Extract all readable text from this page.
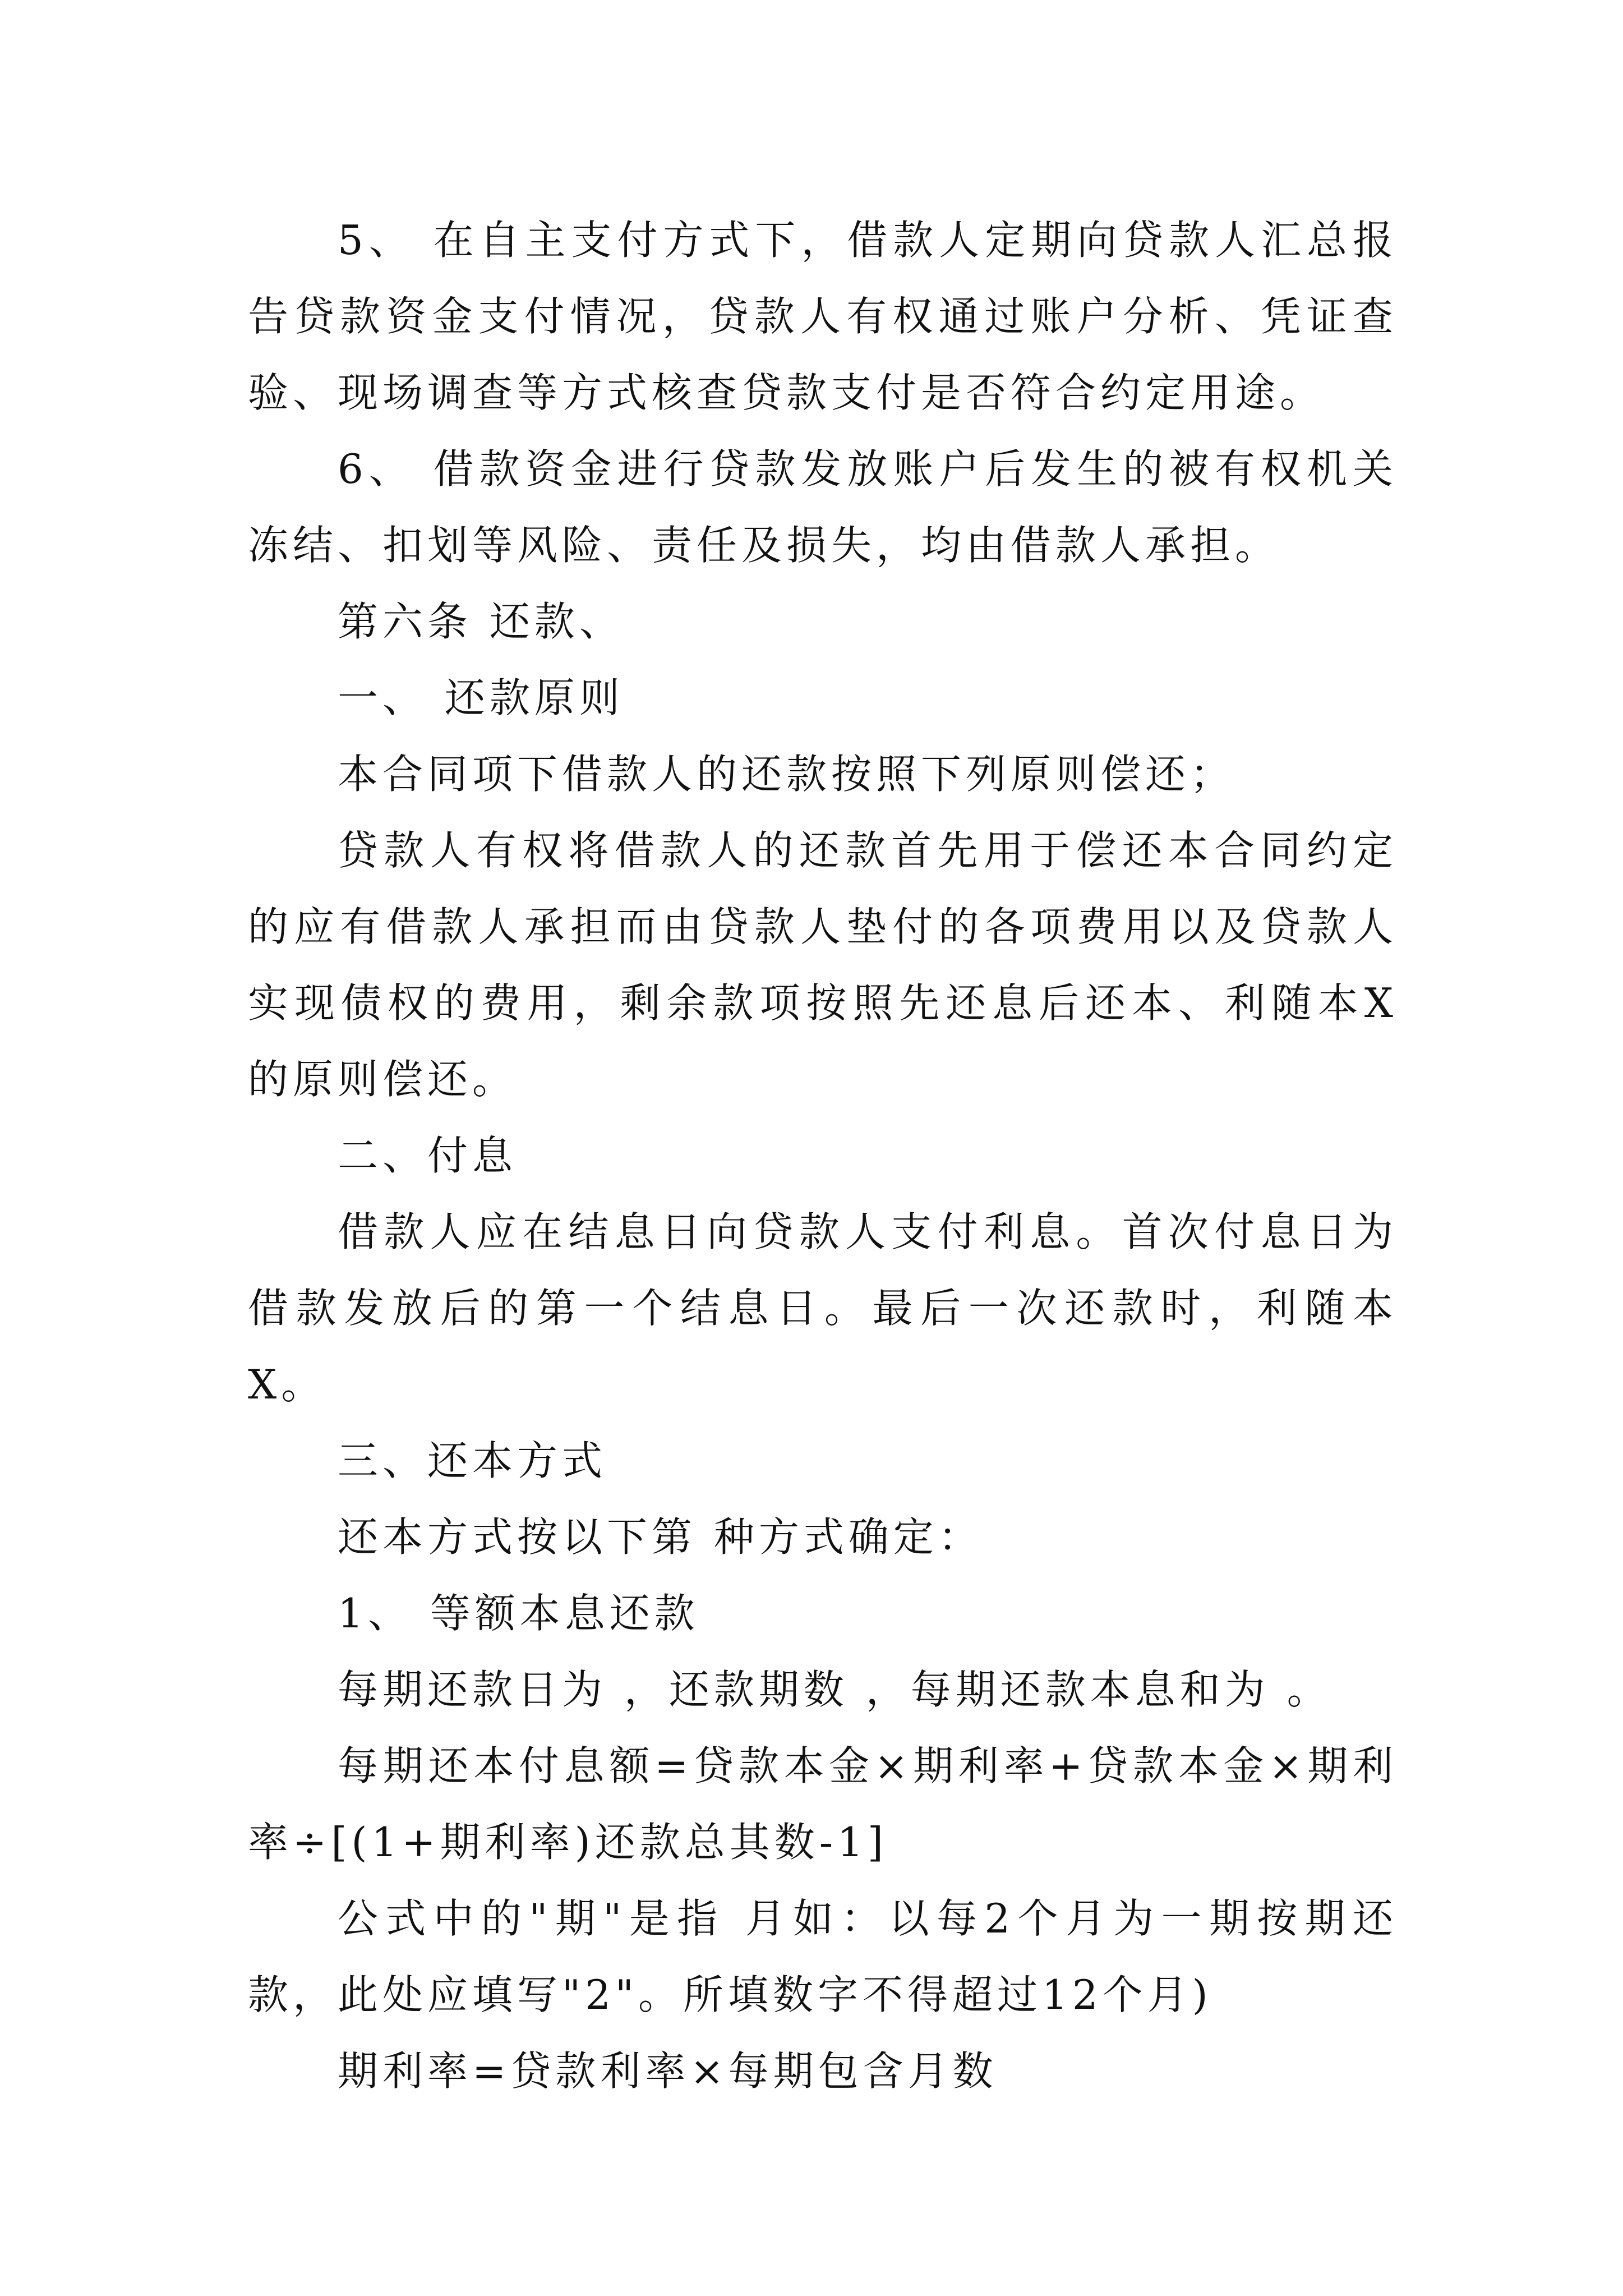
5、 在自主支付方式下，借款人定期向贷款人汇总报告贷款资金支付情况，贷款人有权通过账户分析、凭证查验、现场调查等方式核查贷款支付是否符合约定用途。

6、 借款资金进行贷款发放账户后发生的被有权机关冻结、扣划等风险、责任及损失，均由借款人承担。

第六条 还款、

一、 还款原则

本合同项下借款人的还款按照下列原则偿还；

贷款人有权将借款人的还款首先用于偿还本合同约定的应有借款人承担而由贷款人垫付的各项费用以及贷款人实现债权的费用，剩余款项按照先还息后还本、利随本X的原则偿还。

二、付息

借款人应在结息日向贷款人支付利息。首次付息日为借款发放后的第一个结息日。最后一次还款时，利随本X。

三、还本方式

还本方式按以下第 种方式确定：

1、 等额本息还款

每期还款日为 ，还款期数 ，每期还款本息和为 。

每期还本付息额=贷款本金×期利率+贷款本金×期利率÷[(1+期利率)还款总其数-1]

公式中的"期"是指 月如：以每2个月为一期按期还款，此处应填写"2"。所填数字不得超过12个月)

期利率=贷款利率×每期包含月数
